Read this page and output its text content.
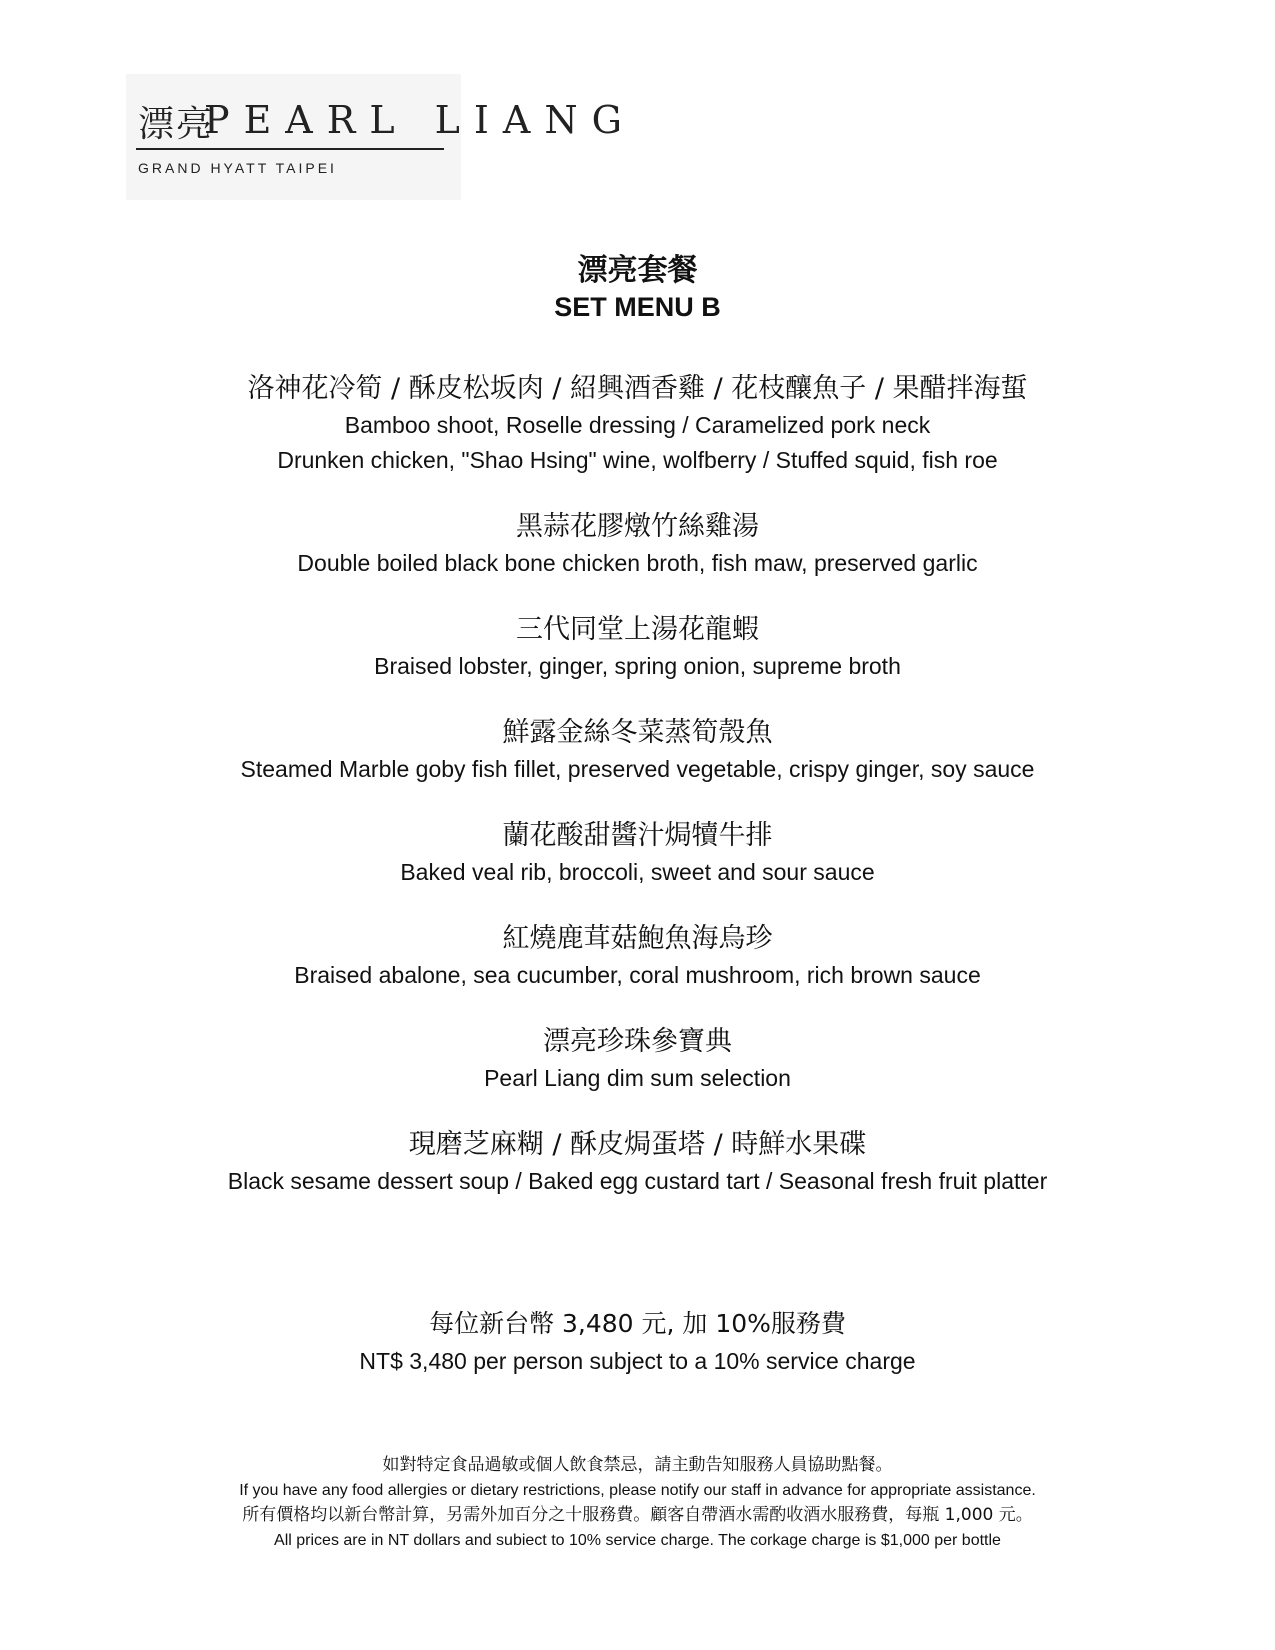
漂亮
PEARL LIANG
GRAND HYATT TAIPEI
漂亮套餐
SET MENU B
洛神花冷筍 / 酥皮松坂肉 / 紹興酒香雞 / 花枝釀魚子 / 果醋拌海蜇
Bamboo shoot, Roselle dressing / Caramelized pork neck
Drunken chicken, "Shao Hsing" wine, wolfberry / Stuffed squid, fish roe
黑蒜花膠燉竹絲雞湯
Double boiled black bone chicken broth, fish maw, preserved garlic
三代同堂上湯花龍蝦
Braised lobster, ginger, spring onion, supreme broth
鮮露金絲冬菜蒸筍殼魚
Steamed Marble goby fish fillet, preserved vegetable, crispy ginger, soy sauce
蘭花酸甜醬汁焗犢牛排
Baked veal rib, broccoli, sweet and sour sauce
紅燒鹿茸菇鮑魚海烏珍
Braised abalone, sea cucumber, coral mushroom, rich brown sauce
漂亮珍珠參寶典
Pearl Liang dim sum selection
現磨芝麻糊 / 酥皮焗蛋塔 / 時鮮水果碟
Black sesame dessert soup / Baked egg custard tart / Seasonal fresh fruit platter
每位新台幣 3,480 元, 加 10%服務費
NT$ 3,480 per person subject to a 10% service charge
如對特定食品過敏或個人飲食禁忌，請主動告知服務人員協助點餐。
If you have any food allergies or dietary restrictions, please notify our staff in advance for appropriate assistance.
所有價格均以新台幣計算，另需外加百分之十服務費。顧客自帶酒水需酌收酒水服務費，每瓶 1,000 元。
All prices are in NT dollars and subiect to 10% service charge. The corkage charge is $1,000 per bottle
